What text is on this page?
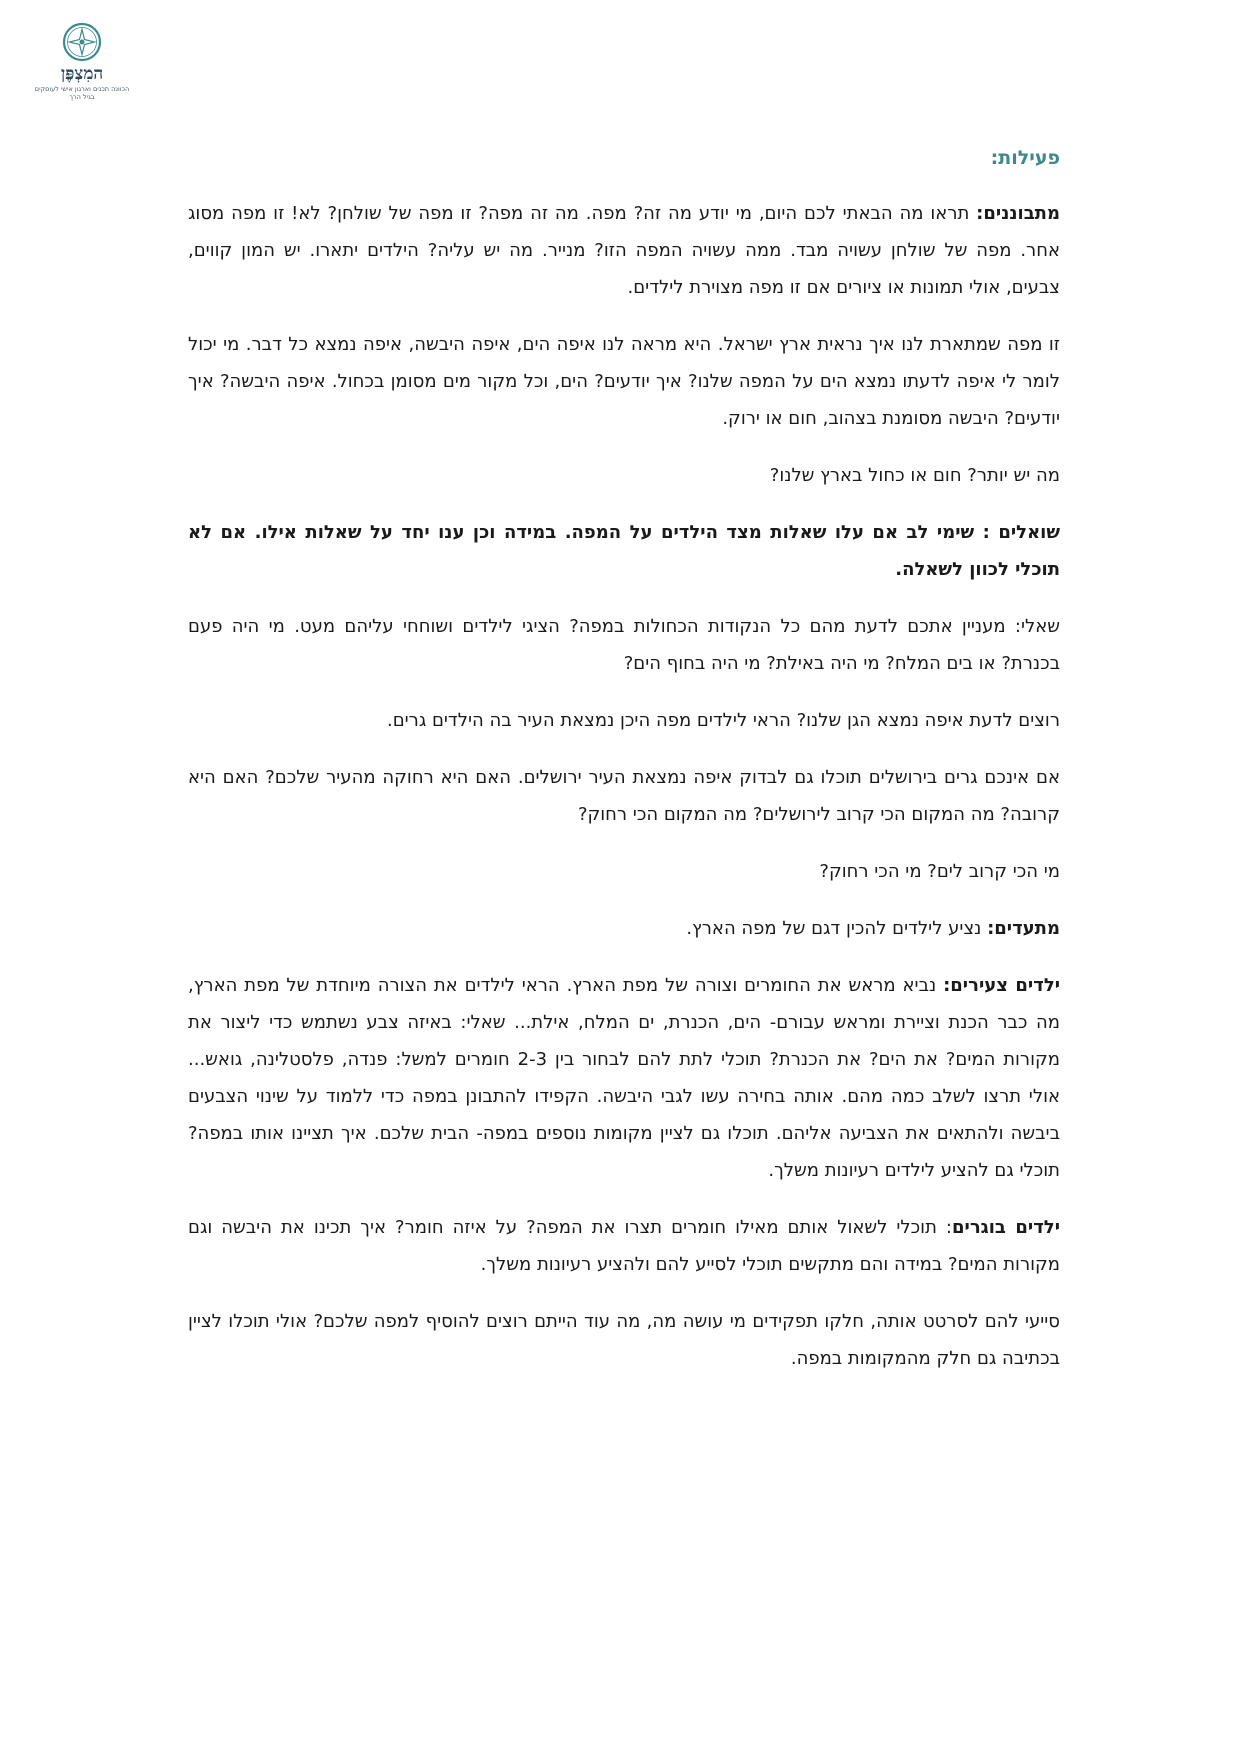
המִצְפֶּן
הכוונה תכנים וארגון אישי לעוסקים בגיל הרך
פעילות:

מתבוננים: תראו מה הבאתי לכם היום, מי יודע מה זה? מפה. מה זה מפה? זו מפה של שולחן? לא! זו מפה מסוג אחר. מפה של שולחן עשויה מבד. ממה עשויה המפה הזו? מנייר. מה יש עליה? הילדים יתארו. יש המון קווים, צבעים, אולי תמונות או ציורים אם זו מפה מצוירת לילדים.

זו מפה שמתארת לנו איך נראית ארץ ישראל. היא מראה לנו איפה הים, איפה היבשה, איפה נמצא כל דבר. מי יכול לומר לי איפה לדעתו נמצא הים על המפה שלנו? איך יודעים? הים, וכל מקור מים מסומן בכחול. איפה היבשה? איך יודעים? היבשה מסומנת בצהוב, חום או ירוק.

מה יש יותר? חום או כחול בארץ שלנו?

שואלים : שימי לב אם עלו שאלות מצד הילדים על המפה. במידה וכן ענו יחד על שאלות אילו. אם לא תוכלי לכוון לשאלה.

שאלי: מעניין אתכם לדעת מהם כל הנקודות הכחולות במפה? הציגי לילדים ושוחחי עליהם מעט. מי היה פעם בכנרת? או בים המלח? מי היה באילת? מי היה בחוף הים?

רוצים לדעת איפה נמצא הגן שלנו? הראי לילדים מפה היכן נמצאת העיר בה הילדים גרים.

אם אינכם גרים בירושלים תוכלו גם לבדוק איפה נמצאת העיר ירושלים. האם היא רחוקה מהעיר שלכם? האם היא קרובה? מה המקום הכי קרוב לירושלים? מה המקום הכי רחוק?

מי הכי קרוב לים? מי הכי רחוק?

מתעדים: נציע לילדים להכין דגם של מפה הארץ.

ילדים צעירים: נביא מראש את החומרים וצורה של מפת הארץ. הראי לילדים את הצורה מיוחדת של מפת הארץ, מה כבר הכנת וציירת ומראש עבורם- הים, הכנרת, ים המלח, אילת... שאלי: באיזה צבע נשתמש כדי ליצור את מקורות המים? את הים? את הכנרת? תוכלי לתת להם לבחור בין 2-3 חומרים למשל: פנדה, פלסטלינה, גואש... אולי תרצו לשלב כמה מהם. אותה בחירה עשו לגבי היבשה. הקפידו להתבונן במפה כדי ללמוד על שינוי הצבעים ביבשה ולהתאים את הצביעה אליהם. תוכלו גם לציין מקומות נוספים במפה- הבית שלכם. איך תציינו אותו במפה? תוכלי גם להציע לילדים רעיונות משלך.

ילדים בוגרים: תוכלי לשאול אותם מאילו חומרים תצרו את המפה? על איזה חומר? איך תכינו את היבשה וגם מקורות המים? במידה והם מתקשים תוכלי לסייע להם ולהציע רעיונות משלך.

סייעי להם לסרטט אותה, חלקו תפקידים מי עושה מה, מה עוד הייתם רוצים להוסיף למפה שלכם? אולי תוכלו לציין בכתיבה גם חלק מהמקומות במפה.
